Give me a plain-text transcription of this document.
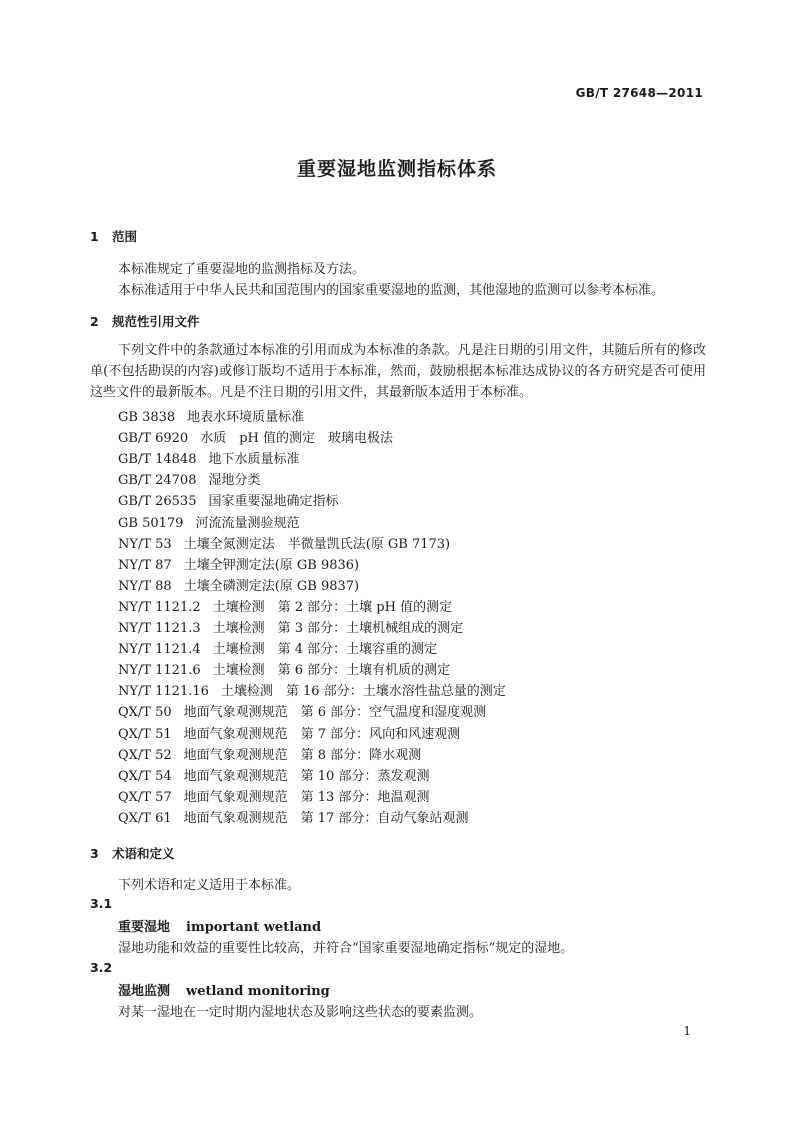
GB/T 27648—2011
重要湿地监测指标体系
1 范围
本标准规定了重要湿地的监测指标及方法。
本标准适用于中华人民共和国范围内的国家重要湿地的监测，其他湿地的监测可以参考本标准。
2 规范性引用文件
下列文件中的条款通过本标准的引用而成为本标准的条款。凡是注日期的引用文件，其随后所有的修改单(不包括勘误的内容)或修订版均不适用于本标准，然而，鼓励根据本标准达成协议的各方研究是否可使用这些文件的最新版本。凡是不注日期的引用文件，其最新版本适用于本标准。
GB 3838 地表水环境质量标准
GB/T 6920 水质　pH 值的测定　玻璃电极法
GB/T 14848 地下水质量标准
GB/T 24708 湿地分类
GB/T 26535 国家重要湿地确定指标
GB 50179 河流流量测验规范
NY/T 53 土壤全氮测定法　半微量凯氏法(原 GB 7173)
NY/T 87 土壤全钾测定法(原 GB 9836)
NY/T 88 土壤全磷测定法(原 GB 9837)
NY/T 1121.2 土壤检测　第 2 部分：土壤 pH 值的测定
NY/T 1121.3 土壤检测　第 3 部分：土壤机械组成的测定
NY/T 1121.4 土壤检测　第 4 部分：土壤容重的测定
NY/T 1121.6 土壤检测　第 6 部分：土壤有机质的测定
NY/T 1121.16 土壤检测　第 16 部分：土壤水溶性盐总量的测定
QX/T 50 地面气象观测规范　第 6 部分：空气温度和湿度观测
QX/T 51 地面气象观测规范　第 7 部分：风向和风速观测
QX/T 52 地面气象观测规范　第 8 部分：降水观测
QX/T 54 地面气象观测规范　第 10 部分：蒸发观测
QX/T 57 地面气象观测规范　第 13 部分：地温观测
QX/T 61 地面气象观测规范　第 17 部分：自动气象站观测
3 术语和定义
下列术语和定义适用于本标准。
3.1
重要湿地 important wetland
湿地功能和效益的重要性比较高，并符合“国家重要湿地确定指标”规定的湿地。
3.2
湿地监测 wetland monitoring
对某一湿地在一定时期内湿地状态及影响这些状态的要素监测。
1
